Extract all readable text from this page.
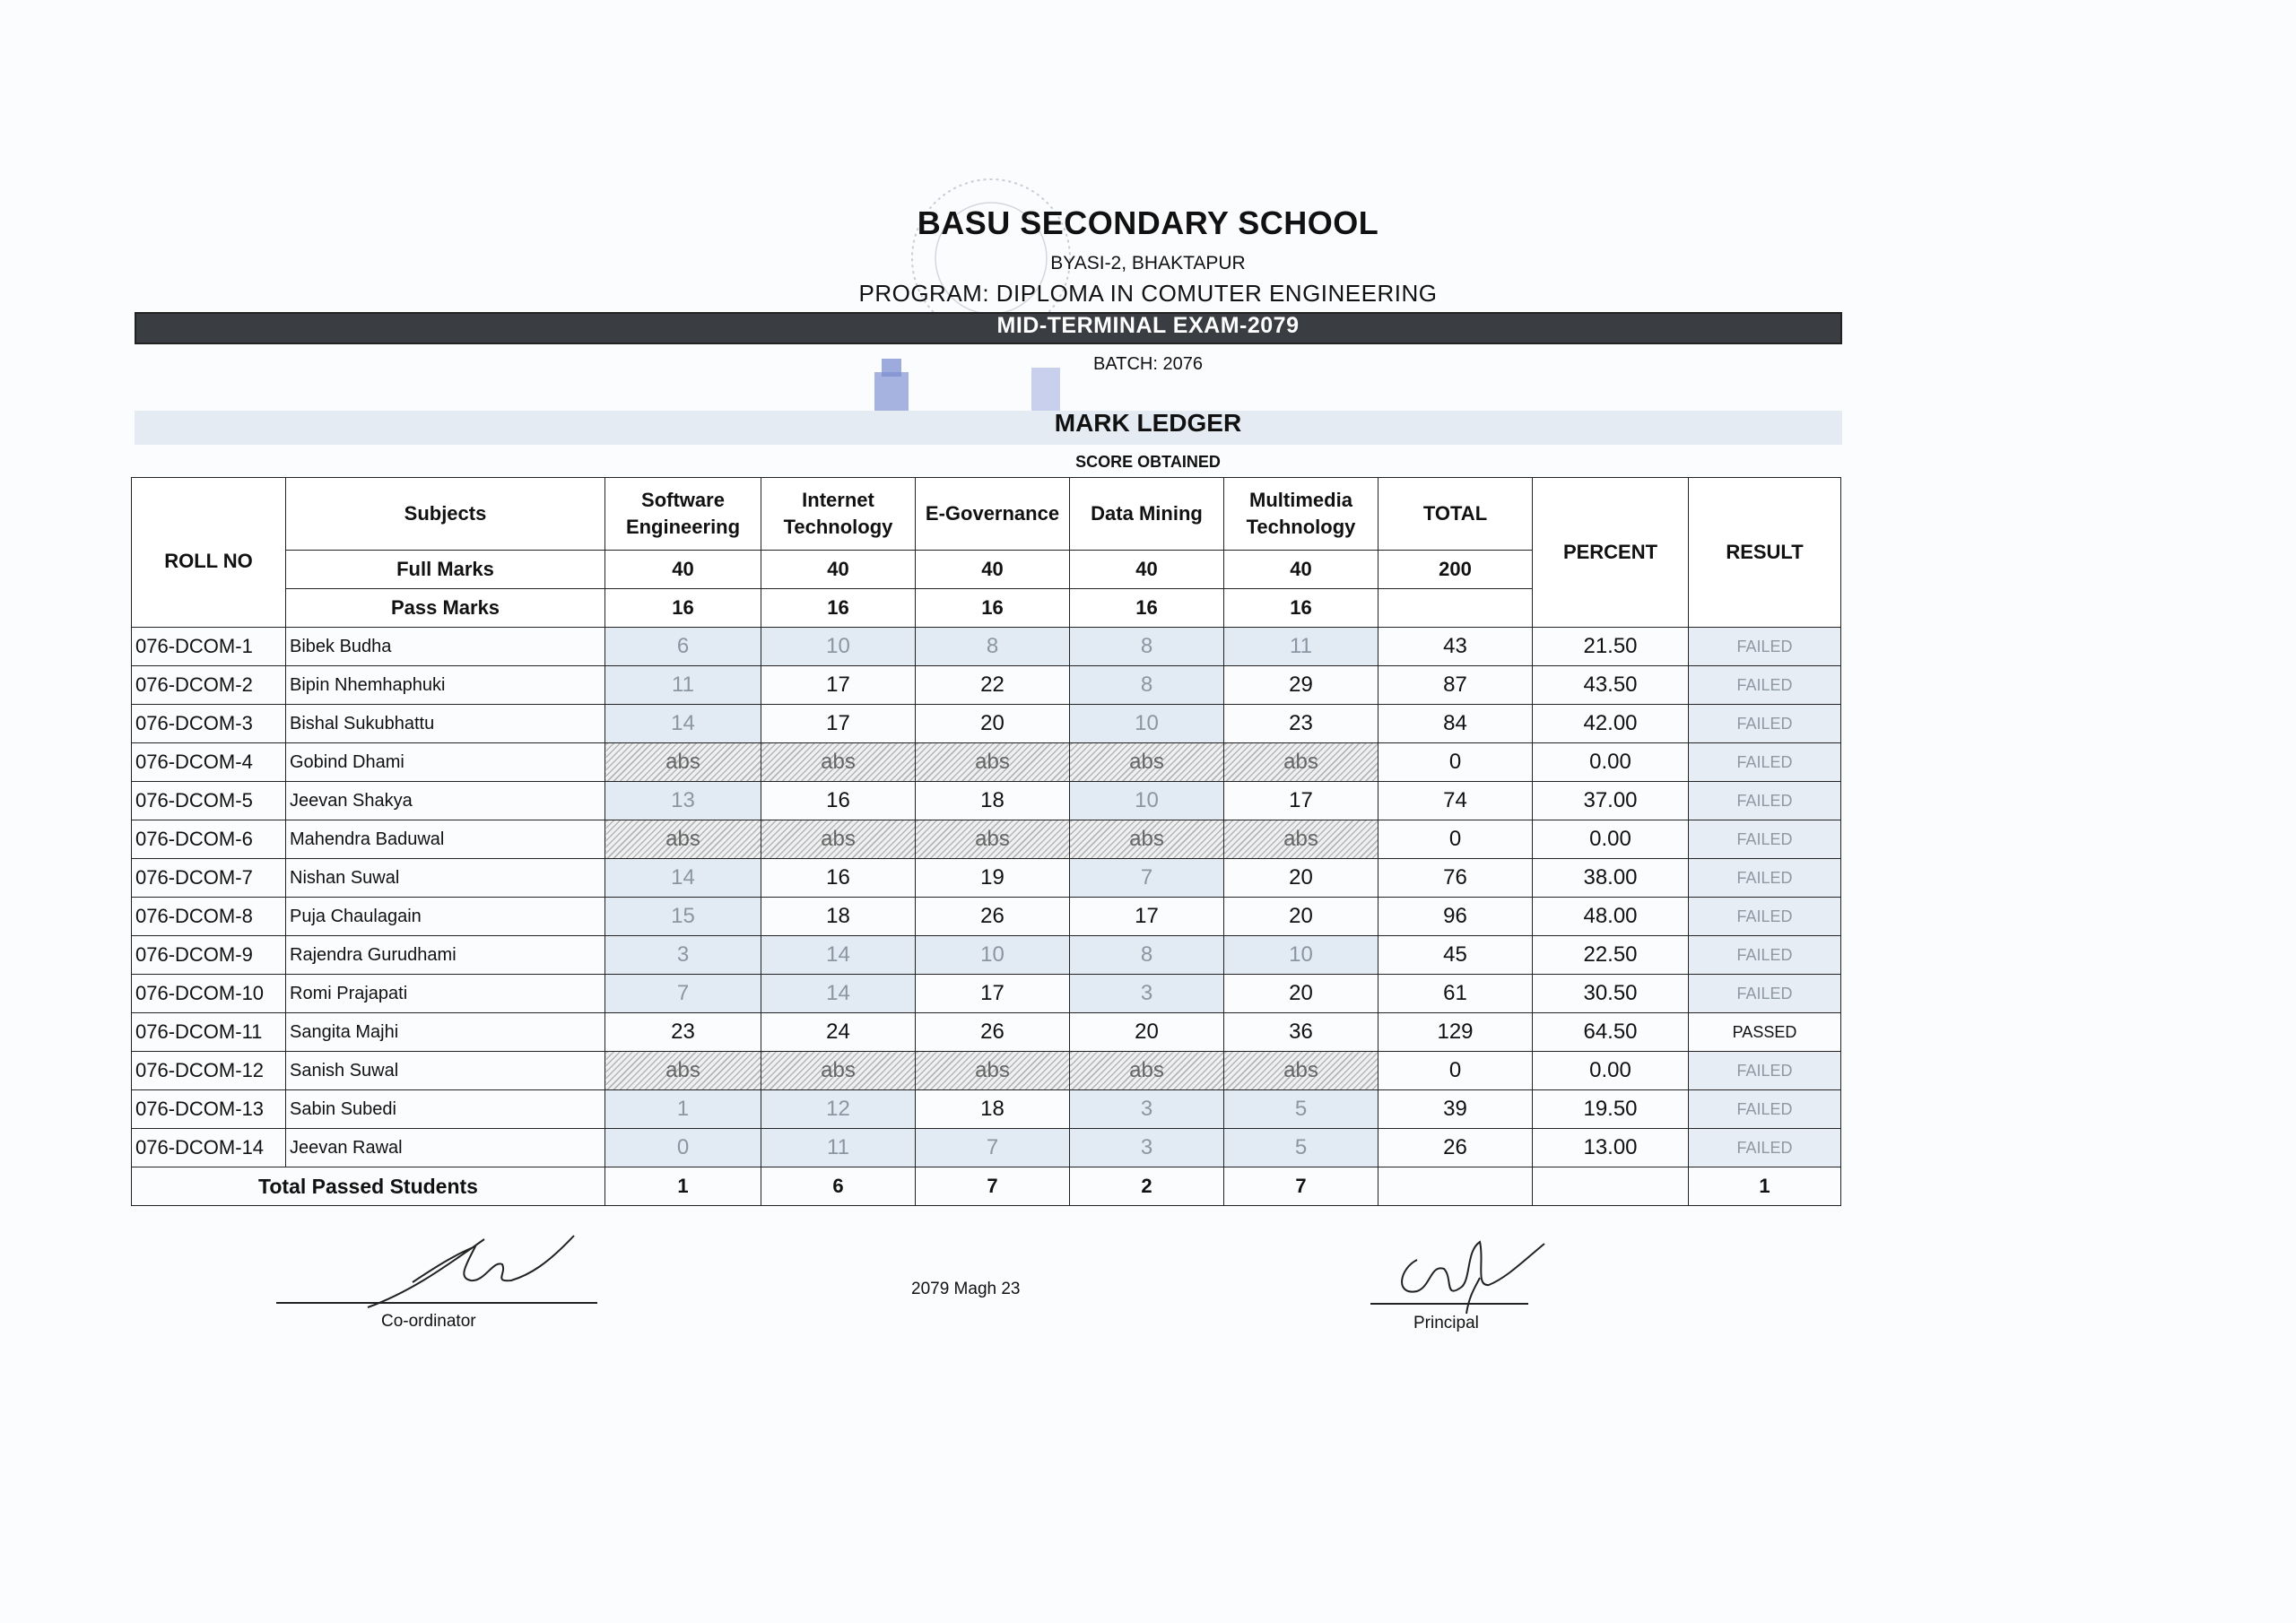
BASU SECONDARY SCHOOL
BYASI-2, BHAKTAPUR
PROGRAM: DIPLOMA IN COMUTER ENGINEERING
MID-TERMINAL EXAM-2079
BATCH: 2076
MARK LEDGER
SCORE OBTAINED
ROLL NO	Subjects	Software Engineering	Internet Technology	E-Governance	Data Mining	Multimedia Technology	TOTAL	PERCENT	RESULT
	Full Marks	40	40	40	40	40	200		
	Pass Marks	16	16	16	16	16			
076-DCOM-1	Bibek Budha	6	10	8	8	11	43	21.50	FAILED
076-DCOM-2	Bipin Nhemhaphuki	11	17	22	8	29	87	43.50	FAILED
076-DCOM-3	Bishal Sukubhattu	14	17	20	10	23	84	42.00	FAILED
076-DCOM-4	Gobind Dhami	abs	abs	abs	abs	abs	0	0.00	FAILED
076-DCOM-5	Jeevan Shakya	13	16	18	10	17	74	37.00	FAILED
076-DCOM-6	Mahendra Baduwal	abs	abs	abs	abs	abs	0	0.00	FAILED
076-DCOM-7	Nishan Suwal	14	16	19	7	20	76	38.00	FAILED
076-DCOM-8	Puja Chaulagain	15	18	26	17	20	96	48.00	FAILED
076-DCOM-9	Rajendra Gurudhami	3	14	10	8	10	45	22.50	FAILED
076-DCOM-10	Romi Prajapati	7	14	17	3	20	61	30.50	FAILED
076-DCOM-11	Sangita Majhi	23	24	26	20	36	129	64.50	PASSED
076-DCOM-12	Sanish Suwal	abs	abs	abs	abs	abs	0	0.00	FAILED
076-DCOM-13	Sabin Subedi	1	12	18	3	5	39	19.50	FAILED
076-DCOM-14	Jeevan Rawal	0	11	7	3	5	26	13.00	FAILED
Total Passed Students		1	6	7	2	7			1
Co-ordinator
2079 Magh 23
Principal
